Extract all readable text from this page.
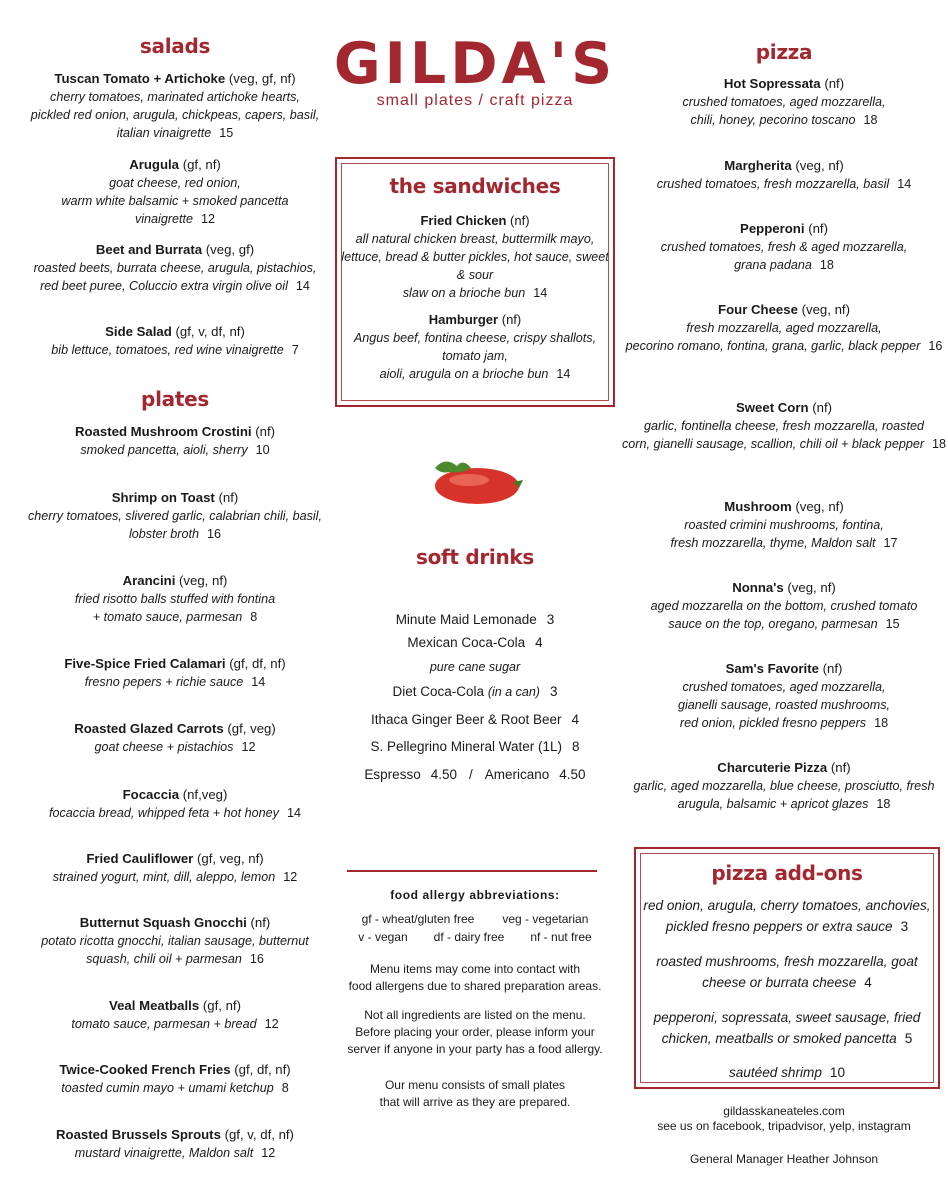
salads
Tuscan Tomato + Artichoke (veg, gf, nf)
cherry tomatoes, marinated artichoke hearts,
pickled red onion, arugula, chickpeas, capers, basil,
italian vinaigrette 15
Arugula (gf, nf)
goat cheese, red onion,
warm white balsamic + smoked pancetta
vinaigrette 12
Beet and Burrata (veg, gf)
roasted beets, burrata cheese, arugula, pistachios,
red beet puree, Coluccio extra virgin olive oil 14
Side Salad (gf, v, df, nf)
bib lettuce, tomatoes, red wine vinaigrette 7
plates
Roasted Mushroom Crostini (nf)
smoked pancetta, aioli, sherry 10
Shrimp on Toast (nf)
cherry tomatoes, slivered garlic, calabrian chili, basil,
lobster broth 16
Arancini (veg, nf)
fried risotto balls stuffed with fontina
+ tomato sauce, parmesan 8
Five-Spice Fried Calamari (gf, df, nf)
fresno pepers + richie sauce 14
Roasted Glazed Carrots (gf, veg)
goat cheese + pistachios 12
Focaccia (nf,veg)
focaccia bread, whipped feta + hot honey 14
Fried Cauliflower (gf, veg, nf)
strained yogurt, mint, dill, aleppo, lemon 12
Butternut Squash Gnocchi (nf)
potato ricotta gnocchi, italian sausage, butternut
squash, chili oil + parmesan 16
Veal Meatballs (gf, nf)
tomato sauce, parmesan + bread 12
Twice-Cooked French Fries (gf, df, nf)
toasted cumin mayo + umami ketchup 8
Roasted Brussels Sprouts (gf, v, df, nf)
mustard vinaigrette, Maldon salt 12
GILDA'S
small plates / craft pizza
the sandwiches
Fried Chicken (nf)
all natural chicken breast, buttermilk mayo,
lettuce, bread & butter pickles, hot sauce, sweet & sour
slaw on a brioche bun 14
Hamburger (nf)
Angus beef, fontina cheese, crispy shallots, tomato jam,
aioli, arugula on a brioche bun 14
soft drinks
Minute Maid Lemonade 3
Mexican Coca-Cola 4
pure cane sugar
Diet Coca-Cola (in a can) 3
Ithaca Ginger Beer & Root Beer 4
S. Pellegrino Mineral Water (1L) 8
Espresso 4.50 / Americano 4.50
food allergy abbreviations:
gf - wheat/gluten free veg - vegetarian
v - vegan df - dairy free nf - nut free
Menu items may come into contact with
food allergens due to shared preparation areas.
Not all ingredients are listed on the menu.
Before placing your order, please inform your
server if anyone in your party has a food allergy.
Our menu consists of small plates
that will arrive as they are prepared.
pizza
Hot Sopressata (nf)
crushed tomatoes, aged mozzarella,
chili, honey, pecorino toscano 18
Margherita (veg, nf)
crushed tomatoes, fresh mozzarella, basil 14
Pepperoni (nf)
crushed tomatoes, fresh & aged mozzarella,
grana padana 18
Four Cheese (veg, nf)
fresh mozzarella, aged mozzarella,
pecorino romano, fontina, grana, garlic, black pepper 16
Sweet Corn (nf)
garlic, fontinella cheese, fresh mozzarella, roasted
corn, gianelli sausage, scallion, chili oil + black pepper 18
Mushroom (veg, nf)
roasted crimini mushrooms, fontina,
fresh mozzarella, thyme, Maldon salt 17
Nonna's (veg, nf)
aged mozzarella on the bottom, crushed tomato
sauce on the top, oregano, parmesan 15
Sam's Favorite (nf)
crushed tomatoes, aged mozzarella,
gianelli sausage, roasted mushrooms,
red onion, pickled fresno peppers 18
Charcuterie Pizza (nf)
garlic, aged mozzarella, blue cheese, prosciutto, fresh
arugula, balsamic + apricot glazes 18
pizza add-ons
red onion, arugula, cherry tomatoes, anchovies,
pickled fresno peppers or extra sauce 3
roasted mushrooms, fresh mozzarella, goat
cheese or burrata cheese 4
pepperoni, sopressata, sweet sausage, fried
chicken, meatballs or smoked pancetta 5
sautéed shrimp 10
gildasskaneateles.com
see us on facebook, tripadvisor, yelp, instagram
General Manager Heather Johnson
